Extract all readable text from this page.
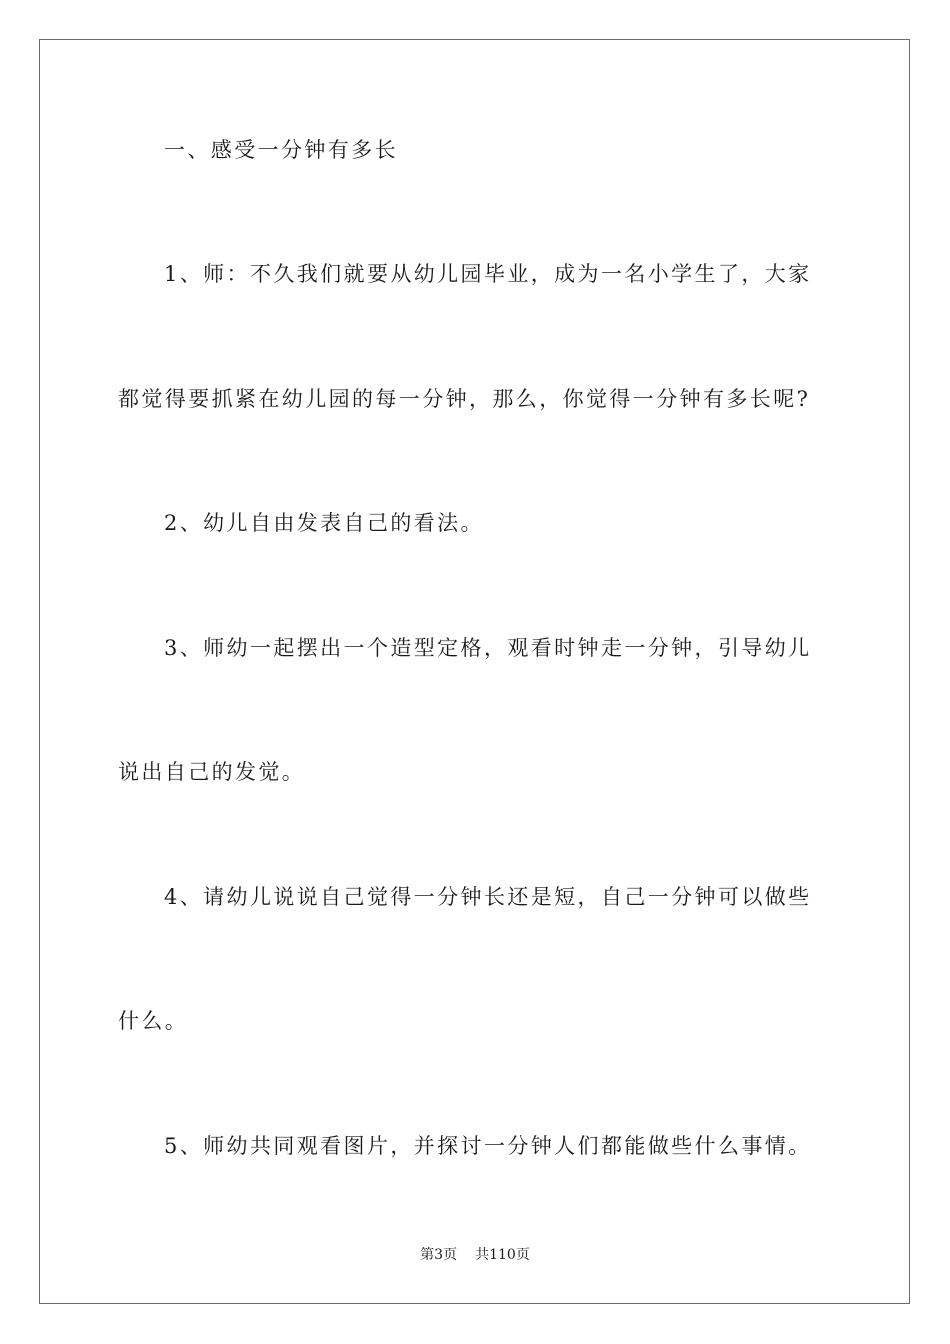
一、感受一分钟有多长
1、师：不久我们就要从幼儿园毕业，成为一名小学生了，大家
都觉得要抓紧在幼儿园的每一分钟，那么，你觉得一分钟有多长呢?
2、幼儿自由发表自己的看法。
3、师幼一起摆出一个造型定格，观看时钟走一分钟，引导幼儿
说出自己的发觉。
4、请幼儿说说自己觉得一分钟长还是短，自己一分钟可以做些
什么。
5、师幼共同观看图片，并探讨一分钟人们都能做些什么事情。
第3页 共110页
